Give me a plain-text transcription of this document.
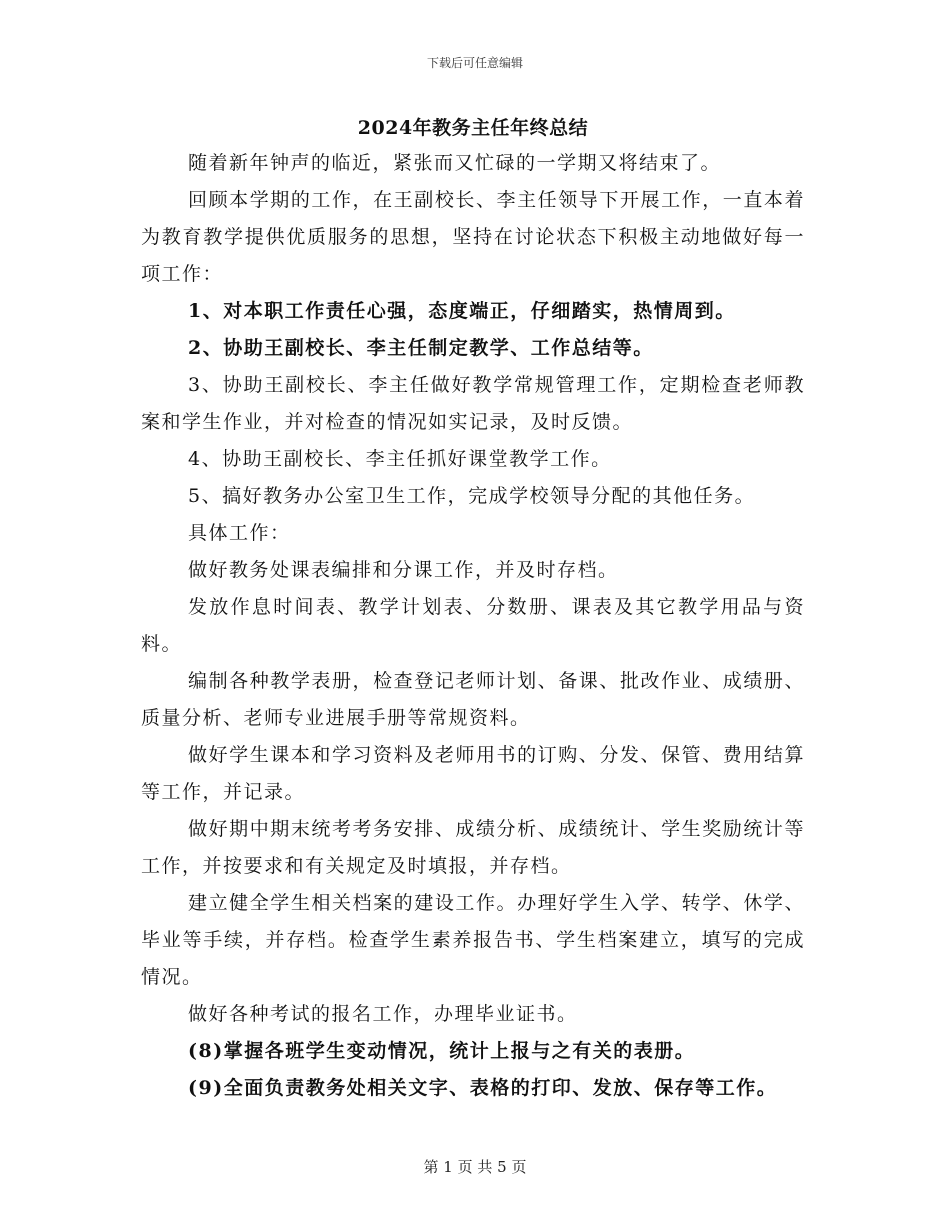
下载后可任意编辑
2024年教务主任年终总结

随着新年钟声的临近，紧张而又忙碌的一学期又将结束了。

回顾本学期的工作，在王副校长、李主任领导下开展工作，一直本着为教育教学提供优质服务的思想，坚持在讨论状态下积极主动地做好每一项工作：

1、对本职工作责任心强，态度端正，仔细踏实，热情周到。

2、协助王副校长、李主任制定教学、工作总结等。

3、协助王副校长、李主任做好教学常规管理工作，定期检查老师教案和学生作业，并对检查的情况如实记录，及时反馈。

4、协助王副校长、李主任抓好课堂教学工作。

5、搞好教务办公室卫生工作，完成学校领导分配的其他任务。

具体工作：

做好教务处课表编排和分课工作，并及时存档。

发放作息时间表、教学计划表、分数册、课表及其它教学用品与资料。

编制各种教学表册，检查登记老师计划、备课、批改作业、成绩册、质量分析、老师专业进展手册等常规资料。

做好学生课本和学习资料及老师用书的订购、分发、保管、费用结算等工作，并记录。

做好期中期末统考考务安排、成绩分析、成绩统计、学生奖励统计等工作，并按要求和有关规定及时填报，并存档。

建立健全学生相关档案的建设工作。办理好学生入学、转学、休学、毕业等手续，并存档。检查学生素养报告书、学生档案建立，填写的完成情况。

做好各种考试的报名工作，办理毕业证书。

(8)掌握各班学生变动情况，统计上报与之有关的表册。

(9)全面负责教务处相关文字、表格的打印、发放、保存等工作。

第 1 页 共 5 页
